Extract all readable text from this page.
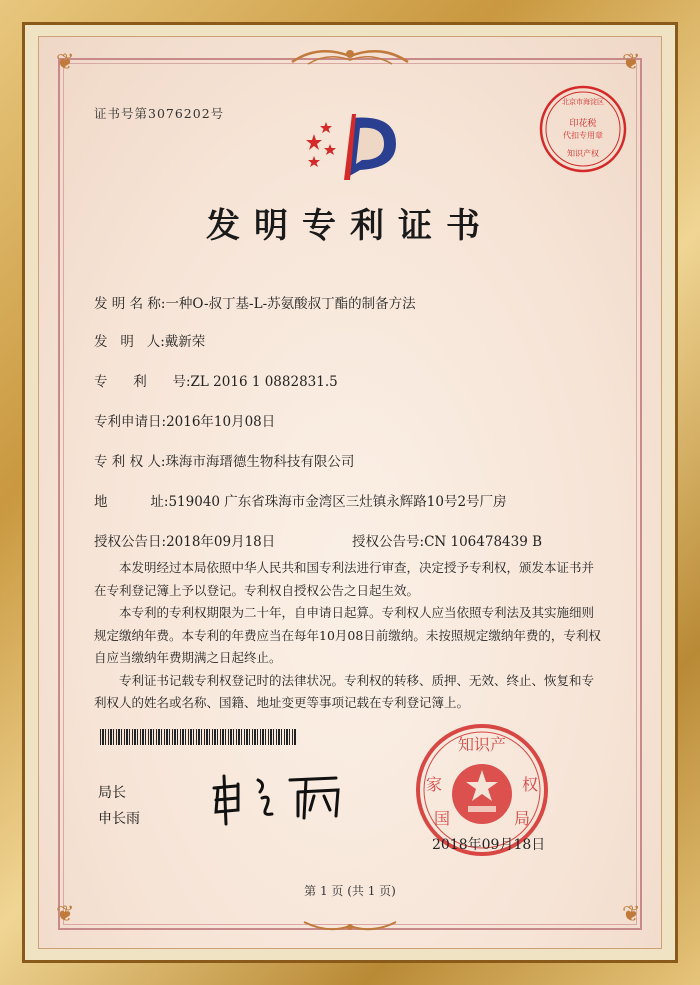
❦	❦
❦	❦
证书号第3076202号
印花税
代扣专用章
知识产权
北京市海淀区
发明专利证书
发 明 名 称:一种O-叔丁基-L-苏氨酸叔丁酯的制备方法
发   明   人:戴新荣
专      利      号:ZL 2016 1 0882831.5
专利申请日:2016年10月08日
专 利 权 人:珠海市海瑨德生物科技有限公司
地          址:519040 广东省珠海市金湾区三灶镇永辉路10号2号厂房
授权公告日:2018年09月18日	授权公告号:CN 106478439 B

本发明经过本局依照中华人民共和国专利法进行审查，决定授予专利权，颁发本证书并在专利登记簿上予以登记。专利权自授权公告之日起生效。

本专利的专利权期限为二十年，自申请日起算。专利权人应当依照专利法及其实施细则规定缴纳年费。本专利的年费应当在每年10月08日前缴纳。未按照规定缴纳年费的，专利权自应当缴纳年费期满之日起终止。

专利证书记载专利权登记时的法律状况。专利权的转移、质押、无效、终止、恢复和专利权人的姓名或名称、国籍、地址变更等事项记载在专利登记簿上。

局长
申长雨
知识产
家	权
国	局
2018年09月18日
第 1 页 (共 1 页)
